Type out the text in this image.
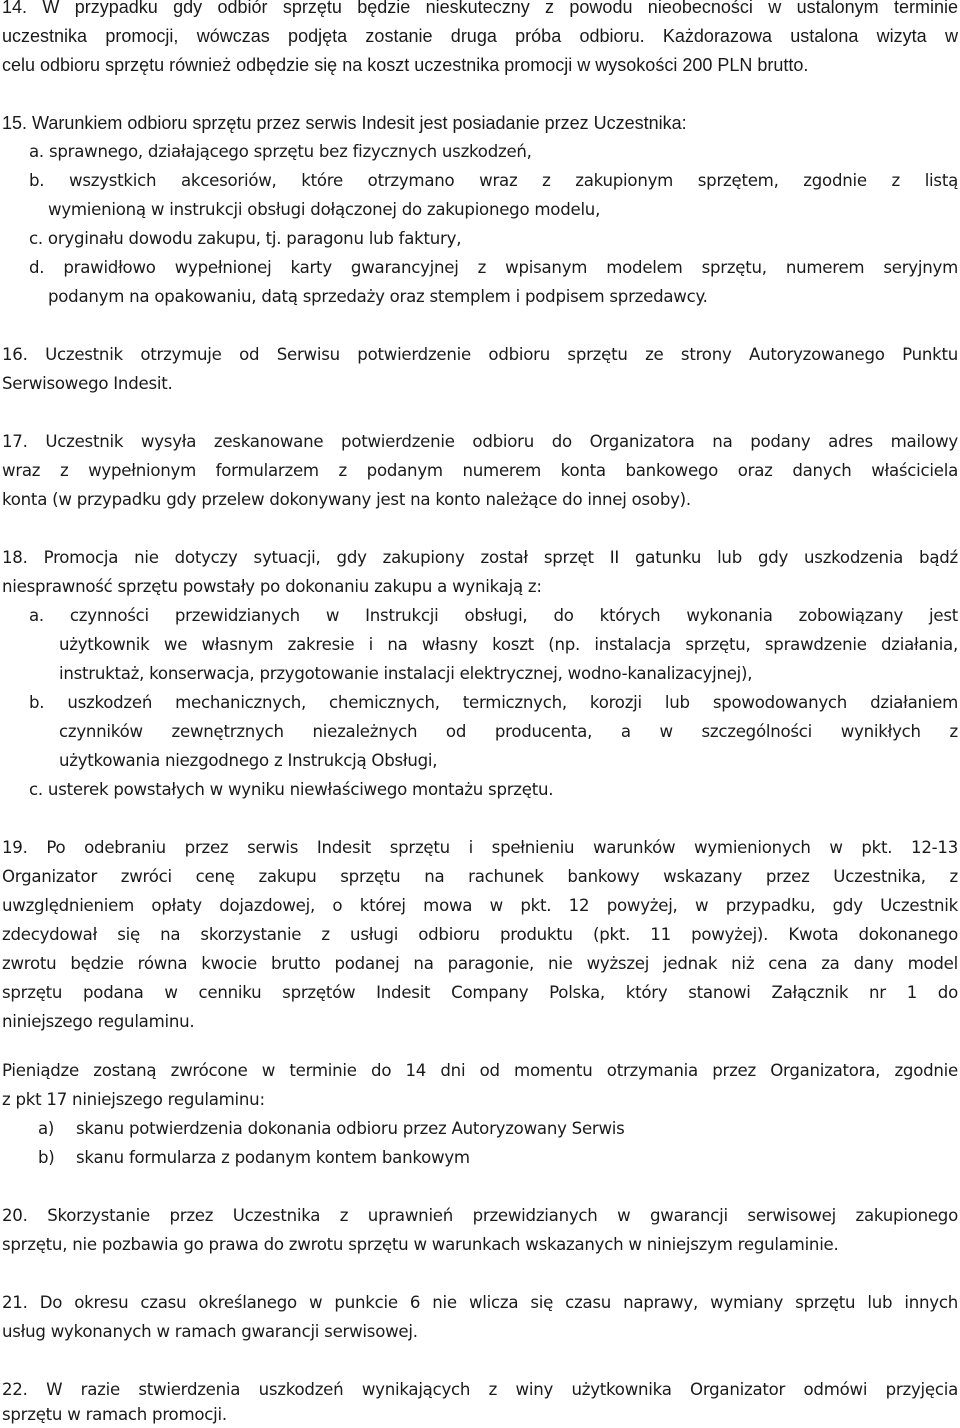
14. W przypadku gdy odbiór sprzętu będzie nieskuteczny z powodu nieobecności w ustalonym terminie
uczestnika promocji, wówczas podjęta zostanie druga próba odbioru. Każdorazowa ustalona wizyta w
celu odbioru sprzętu również odbędzie się na koszt uczestnika promocji w wysokości 200 PLN brutto.
15. Warunkiem odbioru sprzętu przez serwis Indesit jest posiadanie przez Uczestnika:
a. sprawnego, działającego sprzętu bez fizycznych uszkodzeń,
b. wszystkich akcesoriów, które otrzymano wraz z zakupionym sprzętem, zgodnie z listą
wymienioną w instrukcji obsługi dołączonej do zakupionego modelu,
c. oryginału dowodu zakupu, tj. paragonu lub faktury,
d. prawidłowo wypełnionej karty gwarancyjnej z wpisanym modelem sprzętu, numerem seryjnym
podanym na opakowaniu, datą sprzedaży oraz stemplem i podpisem sprzedawcy.
16. Uczestnik otrzymuje od Serwisu potwierdzenie odbioru sprzętu ze strony Autoryzowanego Punktu
Serwisowego Indesit.
17. Uczestnik wysyła zeskanowane potwierdzenie odbioru do Organizatora na podany adres mailowy
wraz z wypełnionym formularzem z podanym numerem konta bankowego oraz danych właściciela
konta (w przypadku gdy przelew dokonywany jest na konto należące do innej osoby).
18. Promocja nie dotyczy sytuacji, gdy zakupiony został sprzęt II gatunku lub gdy uszkodzenia bądź
niesprawność sprzętu powstały po dokonaniu zakupu a wynikają z:
a. czynności przewidzianych w Instrukcji obsługi, do których wykonania zobowiązany jest
użytkownik we własnym zakresie i na własny koszt (np. instalacja sprzętu, sprawdzenie działania,
instruktaż, konserwacja, przygotowanie instalacji elektrycznej, wodno-kanalizacyjnej),
b. uszkodzeń mechanicznych, chemicznych, termicznych, korozji lub spowodowanych działaniem
czynników zewnętrznych niezależnych od producenta, a w szczególności wynikłych z
użytkowania niezgodnego z Instrukcją Obsługi,
c. usterek powstałych w wyniku niewłaściwego montażu sprzętu.
19. Po odebraniu przez serwis Indesit sprzętu i spełnieniu warunków wymienionych w pkt. 12-13
Organizator zwróci cenę zakupu sprzętu na rachunek bankowy wskazany przez Uczestnika, z
uwzględnieniem opłaty dojazdowej, o której mowa w pkt. 12 powyżej, w przypadku, gdy Uczestnik
zdecydował się na skorzystanie z usługi odbioru produktu (pkt. 11 powyżej). Kwota dokonanego
zwrotu będzie równa kwocie brutto podanej na paragonie, nie wyższej jednak niż cena za dany model
sprzętu podana w cenniku sprzętów Indesit Company Polska, który stanowi Załącznik nr 1 do
niniejszego regulaminu.
Pieniądze zostaną zwrócone w terminie do 14 dni od momentu otrzymania przez Organizatora, zgodnie
z pkt 17 niniejszego regulaminu:
a) skanu potwierdzenia dokonania odbioru przez Autoryzowany Serwis
b) skanu formularza z podanym kontem bankowym
20. Skorzystanie przez Uczestnika z uprawnień przewidzianych w gwarancji serwisowej zakupionego
sprzętu, nie pozbawia go prawa do zwrotu sprzętu w warunkach wskazanych w niniejszym regulaminie.
21. Do okresu czasu określanego w punkcie 6 nie wlicza się czasu naprawy, wymiany sprzętu lub innych
usług wykonanych w ramach gwarancji serwisowej.
22. W razie stwierdzenia uszkodzeń wynikających z winy użytkownika Organizator odmówi przyjęcia
sprzętu w ramach promocji.
